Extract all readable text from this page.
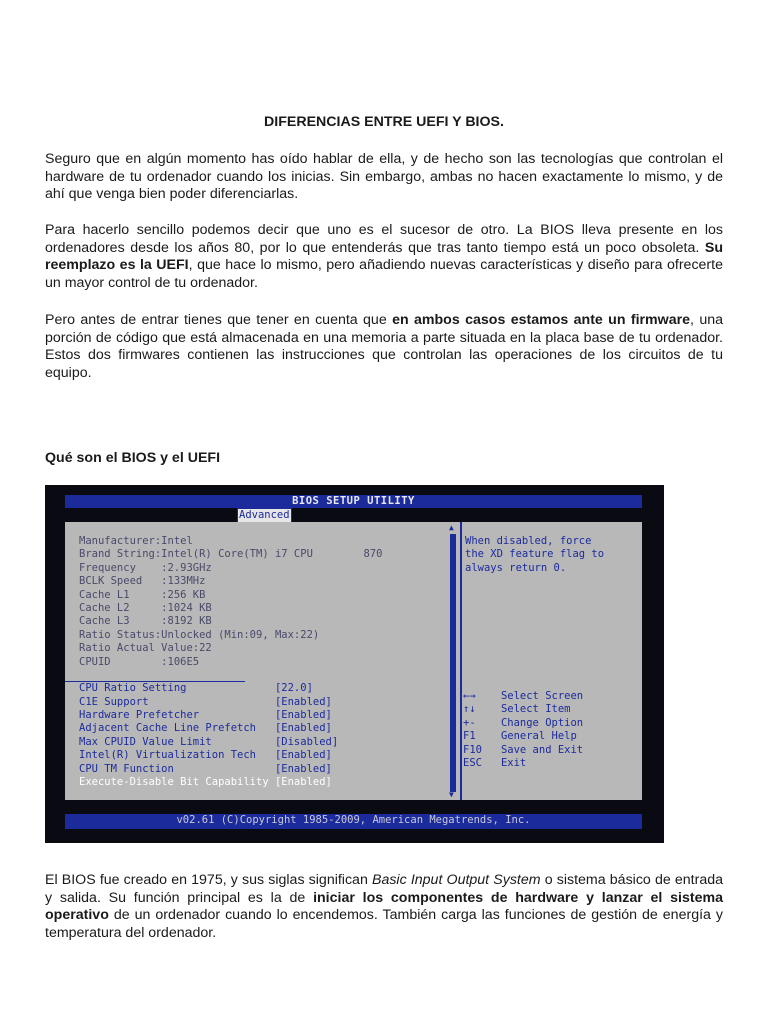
DIFERENCIAS ENTRE UEFI Y BIOS.

Seguro que en algún momento has oído hablar de ella, y de hecho son las tecnologías que controlan el hardware de tu ordenador cuando los inicias. Sin embargo, ambas no hacen exactamente lo mismo, y de ahí que venga bien poder diferenciarlas.

Para hacerlo sencillo podemos decir que uno es el sucesor de otro. La BIOS lleva presente en los ordenadores desde los años 80, por lo que entenderás que tras tanto tiempo está un poco obsoleta. Su reemplazo es la UEFI, que hace lo mismo, pero añadiendo nuevas características y diseño para ofrecerte un mayor control de tu ordenador.

Pero antes de entrar tienes que tener en cuenta que en ambos casos estamos ante un firmware, una porción de código que está almacenada en una memoria a parte situada en la placa base de tu ordenador. Estos dos firmwares contienen las instrucciones que controlan las operaciones de los circuitos de tu equipo.

Qué son el BIOS y el UEFI

El BIOS fue creado en 1975, y sus siglas significan Basic Input Output System o sistema básico de entrada y salida. Su función principal es la de iniciar los componentes de hardware y lanzar el sistema operativo de un ordenador cuando lo encendemos. También carga las funciones de gestión de energía y temperatura del ordenador.

BIOS SETUP UTILITY
Advanced
Manufacturer:Intel
Brand String:Intel(R) Core(TM) i7 CPU        870
Frequency    :2.93GHz
BCLK Speed   :133MHz
Cache L1     :256 KB
Cache L2     :1024 KB
Cache L3     :8192 KB
Ratio Status:Unlocked (Min:09, Max:22)
Ratio Actual Value:22
CPUID        :106E5
CPU Ratio Setting              [22.0]
C1E Support                    [Enabled]
Hardware Prefetcher            [Enabled]
Adjacent Cache Line Prefetch   [Enabled]
Max CPUID Value Limit          [Disabled]
Intel(R) Virtualization Tech   [Enabled]
CPU TM Function                [Enabled]
Execute-Disable Bit Capability [Enabled]
▲
▼
When disabled, force
the XD feature flag to
always return 0.
←→    Select Screen
↑↓    Select Item
+-    Change Option
F1    General Help
F10   Save and Exit
ESC   Exit
v02.61 (C)Copyright 1985-2009, American Megatrends, Inc.
